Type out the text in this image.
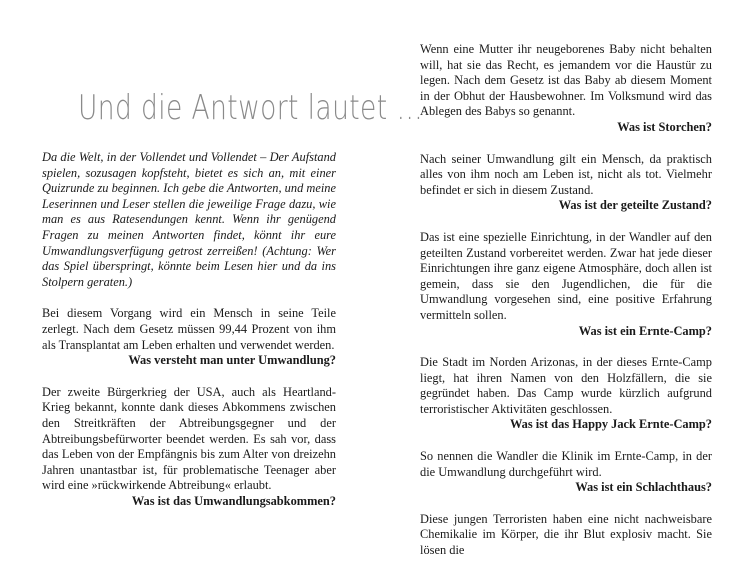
Und die Antwort lautet …

Da die Welt, in der Vollendet und Vollendet – Der Aufstand spielen, sozusagen kopfsteht, bietet es sich an, mit einer Quizrunde zu beginnen. Ich gebe die Antworten, und meine Leserinnen und Leser stellen die jeweilige Frage dazu, wie man es aus Ratesendungen kennt. Wenn ihr genügend Fragen zu meinen Antworten findet, könnt ihr eure Umwandlungsverfügung getrost zerreißen! (Achtung: Wer das Spiel überspringt, könnte beim Lesen hier und da ins Stolpern geraten.)

Bei diesem Vorgang wird ein Mensch in seine Teile zerlegt. Nach dem Gesetz müssen 99,44 Prozent von ihm als Transplantat am Leben erhalten und verwendet werden.

Was versteht man unter Umwandlung?

Der zweite Bürgerkrieg der USA, auch als Heartland-Krieg bekannt, konnte dank dieses Abkommens zwischen den Streitkräften der Abtreibungsgegner und der Abtreibungsbefürworter beendet werden. Es sah vor, dass das Leben von der Empfängnis bis zum Alter von dreizehn Jahren unantastbar ist, für problematische Teenager aber wird eine »rückwirkende Abtreibung« erlaubt.

Was ist das Umwandlungsabkommen?

Wenn eine Mutter ihr neugeborenes Baby nicht behalten will, hat sie das Recht, es jemandem vor die Haustür zu legen. Nach dem Gesetz ist das Baby ab diesem Moment in der Obhut der Hausbewohner. Im Volksmund wird das Ablegen des Babys so genannt.

Was ist Storchen?

Nach seiner Umwandlung gilt ein Mensch, da praktisch alles von ihm noch am Leben ist, nicht als tot. Vielmehr befindet er sich in diesem Zustand.

Was ist der geteilte Zustand?

Das ist eine spezielle Einrichtung, in der Wandler auf den geteilten Zustand vorbereitet werden. Zwar hat jede dieser Einrichtungen ihre ganz eigene Atmosphäre, doch allen ist gemein, dass sie den Jugendlichen, die für die Umwandlung vorgesehen sind, eine positive Erfahrung vermitteln sollen.

Was ist ein Ernte-Camp?

Die Stadt im Norden Arizonas, in der dieses Ernte-Camp liegt, hat ihren Namen von den Holzfällern, die sie gegründet haben. Das Camp wurde kürzlich aufgrund terroristischer Aktivitäten geschlossen.

Was ist das Happy Jack Ernte-Camp?

So nennen die Wandler die Klinik im Ernte-Camp, in der die Umwandlung durchgeführt wird.

Was ist ein Schlachthaus?

Diese jungen Terroristen haben eine nicht nachweisbare Chemikalie im Körper, die ihr Blut explosiv macht. Sie lösen die
